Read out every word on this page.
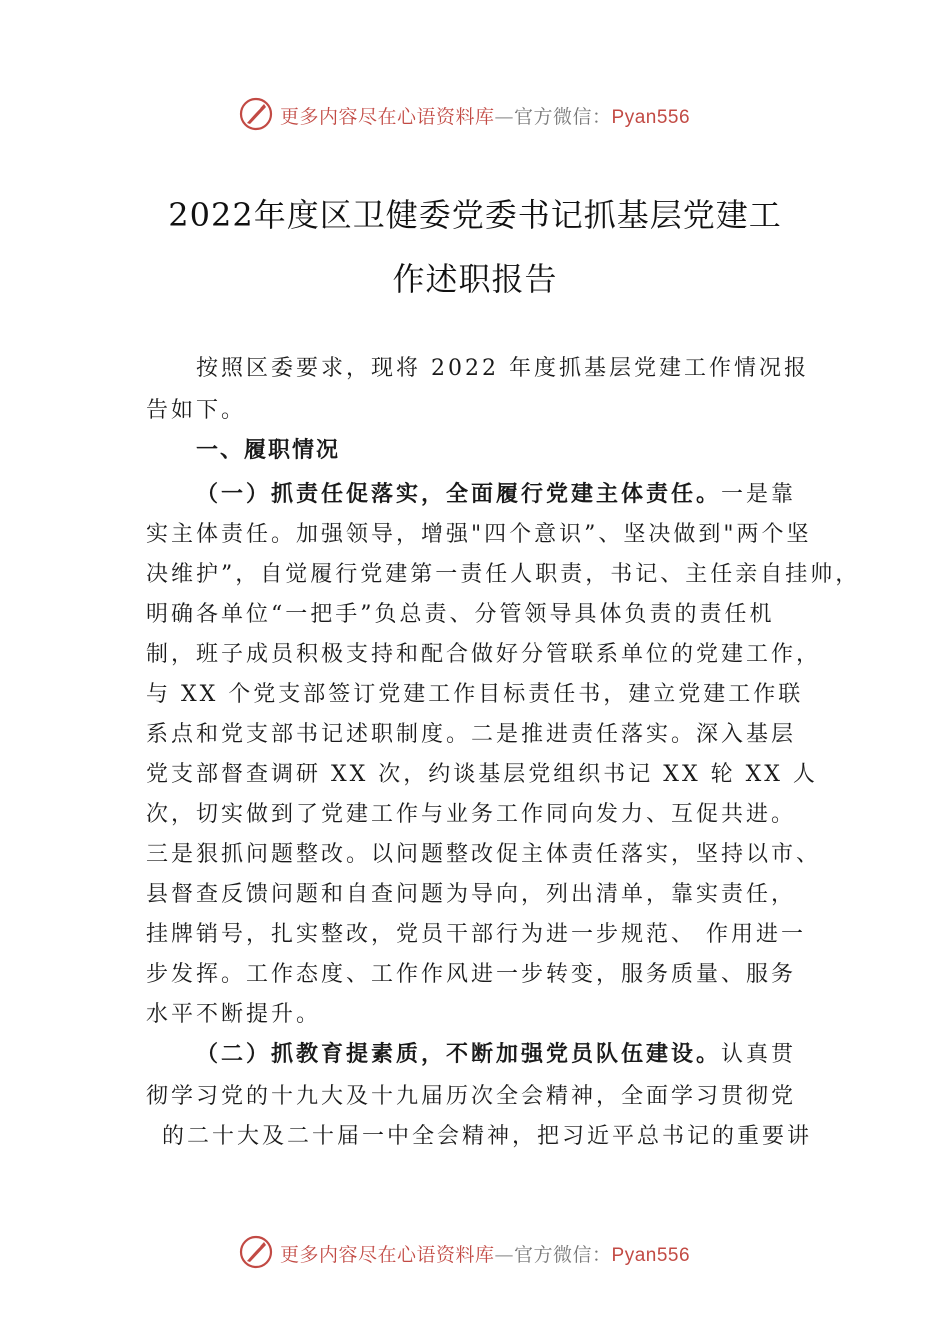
更多内容尽在心语资料库—官方微信：Pyan556
2022年度区卫健委党委书记抓基层党建工
作述职报告
按照区委要求，现将 2022 年度抓基层党建工作情况报
告如下。
一、履职情况
（一）抓责任促落实，全面履行党建主体责任。一是靠
实主体责任。加强领导，增强"四个意识”、坚决做到"两个坚
决维护”，自觉履行党建第一责任人职责，书记、主任亲自挂帅，
明确各单位“一把手”负总责、分管领导具体负责的责任机
制，班子成员积极支持和配合做好分管联系单位的党建工作，
与 XX 个党支部签订党建工作目标责任书，建立党建工作联
系点和党支部书记述职制度。二是推进责任落实。深入基层
党支部督查调研 XX 次，约谈基层党组织书记 XX 轮 XX 人
次，切实做到了党建工作与业务工作同向发力、互促共进。
三是狠抓问题整改。以问题整改促主体责任落实，坚持以市、
县督查反馈问题和自查问题为导向，列出清单，靠实责任，
挂牌销号，扎实整改，党员干部行为进一步规范、 作用进一
步发挥。工作态度、工作作风进一步转变，服务质量、服务
水平不断提升。
（二）抓教育提素质，不断加强党员队伍建设。认真贯
彻学习党的十九大及十九届历次全会精神，全面学习贯彻党
的二十大及二十届一中全会精神，把习近平总书记的重要讲
更多内容尽在心语资料库—官方微信：Pyan556
